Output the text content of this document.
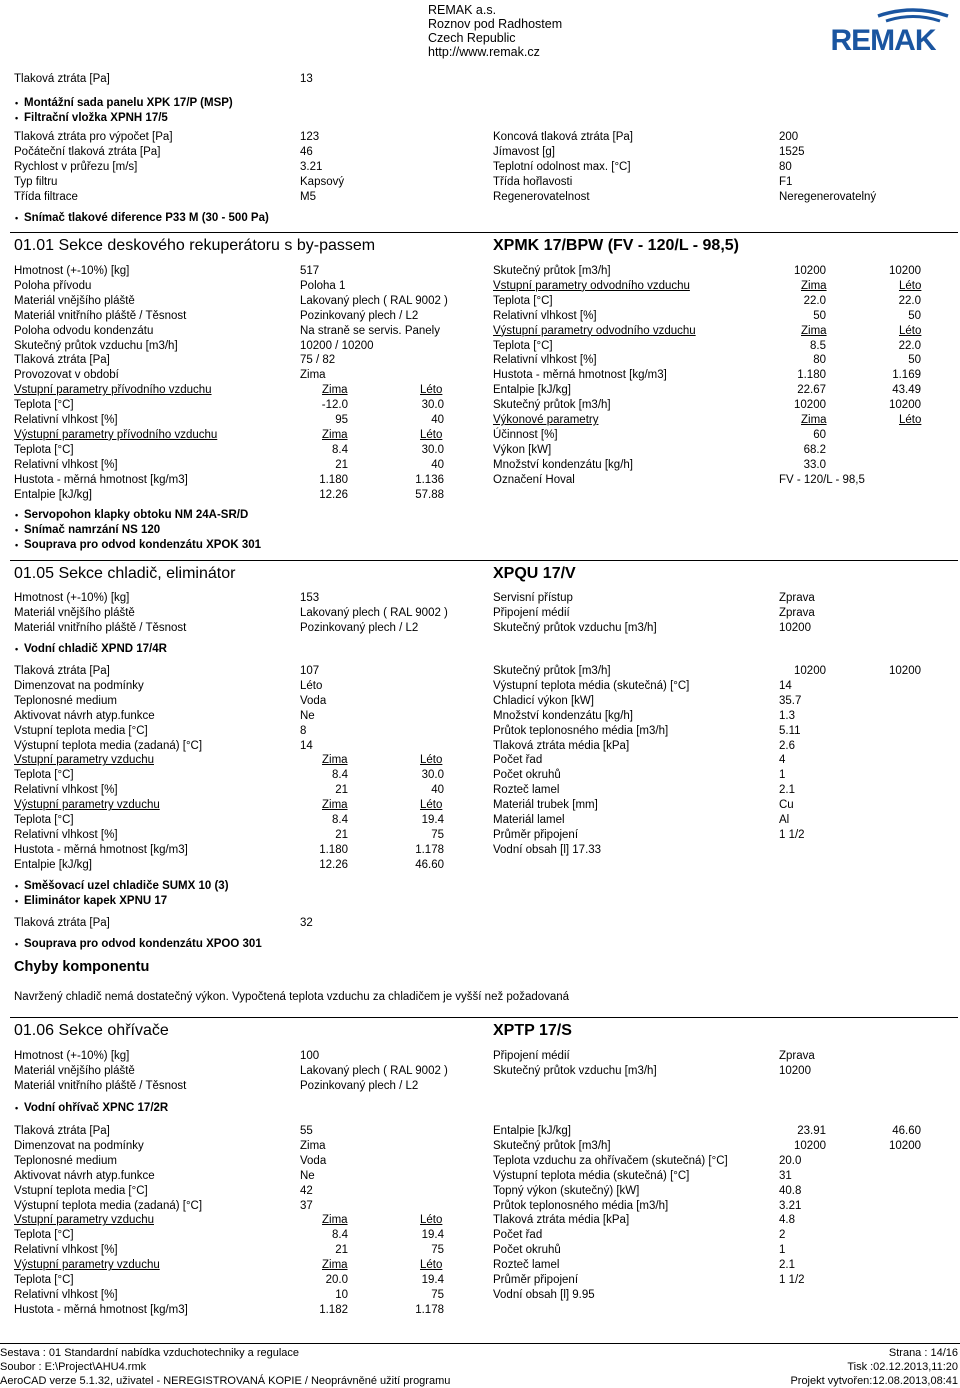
REMAK a.s.
Roznov pod Radhostem
Czech Republic
http://www.remak.cz	REMAK
Tlaková ztráta [Pa]	13
• Montážní sada panelu XPK 17/P (MSP)
• Filtrační vložka XPNH 17/5
Tlaková ztráta pro výpočet [Pa]	123	Koncová tlaková ztráta [Pa]	200
Počáteční tlaková ztráta [Pa]	46	Jímavost [g]	1525
Rychlost v průřezu [m/s]	3.21	Teplotní odolnost max. [°C]	80
Typ filtru	Kapsový	Třída hořlavosti	F1
Třída filtrace	M5	Regenerovatelnost	Neregenerovatelný
• Snímač tlakové diference P33 M (30 - 500 Pa)
01.01 Sekce deskového rekuperátoru s by-passem	XPMK 17/BPW (FV - 120/L - 98,5)
Hmotnost (+-10%) [kg]	517
Poloha přívodu	Poloha 1
Materiál vnějšího pláště	Lakovaný plech ( RAL 9002 )
Materiál vnitřního pláště / Těsnost	Pozinkovaný plech / L2
Poloha odvodu kondenzátu	Na straně se servis. Panely
Skutečný průtok vzduchu [m3/h]	10200 / 10200
Tlaková ztráta [Pa]	75 / 82
Provozovat v období	Zima
Vstupní parametry přívodního vzduchu	Zima	Léto
Teplota [°C]	-12.0	30.0
Relativní vlhkost [%]	95	40
Výstupní parametry přívodního vzduchu	Zima	Léto
Teplota [°C]	8.4	30.0
Relativní vlhkost [%]	21	40
Hustota - měrná hmotnost [kg/m3]	1.180	1.136
Entalpie [kJ/kg]	12.26	57.88
Skutečný průtok [m3/h]	10200	10200
Vstupní parametry odvodního vzduchu	Zima	Léto
Teplota [°C]	22.0	22.0
Relativní vlhkost [%]	50	50
Výstupní parametry odvodního vzduchu	Zima	Léto
Teplota [°C]	8.5	22.0
Relativní vlhkost [%]	80	50
Hustota - měrná hmotnost [kg/m3]	1.180	1.169
Entalpie [kJ/kg]	22.67	43.49
Skutečný průtok [m3/h]	10200	10200
Výkonové parametry	Zima	Léto
Účinnost [%]	60
Výkon [kW]	68.2
Množství kondenzátu [kg/h]	33.0
Označení Hoval	FV - 120/L - 98,5
• Servopohon klapky obtoku NM 24A-SR/D
• Snímač namrzání NS 120
• Souprava pro odvod kondenzátu XPOK 301
01.05 Sekce chladič, eliminátor	XPQU 17/V
Hmotnost (+-10%) [kg]	153
Materiál vnějšího pláště	Lakovaný plech ( RAL 9002 )
Materiál vnitřního pláště / Těsnost	Pozinkovaný plech / L2
Servisní přístup	Zprava
Připojení médií	Zprava
Skutečný průtok vzduchu [m3/h]	10200
• Vodní chladič XPND 17/4R
Tlaková ztráta [Pa]	107
Dimenzovat na podmínky	Léto
Teplonosné medium	Voda
Aktivovat návrh atyp.funkce	Ne
Vstupní teplota media [°C]	8
Výstupní teplota media (zadaná) [°C]	14
Vstupní parametry vzduchu	Zima	Léto
Teplota [°C]	8.4	30.0
Relativní vlhkost [%]	21	40
Výstupní parametry vzduchu	Zima	Léto
Teplota [°C]	8.4	19.4
Relativní vlhkost [%]	21	75
Hustota - měrná hmotnost [kg/m3]	1.180	1.178
Entalpie [kJ/kg]	12.26	46.60
Skutečný průtok [m3/h]	10200	10200
Výstupní teplota média (skutečná) [°C]	14
Chladicí výkon [kW]	35.7
Množství kondenzátu [kg/h]	1.3
Průtok teplonosného média [m3/h]	5.11
Tlaková ztráta média [kPa]	2.6
Počet řad	4
Počet okruhů	1
Rozteč lamel	2.1
Materiál trubek [mm]	Cu
Materiál lamel	Al
Průměr připojení	1 1/2
Vodní obsah [l] 17.33
• Směšovací uzel chladiče SUMX 10 (3)
• Eliminátor kapek XPNU 17
Tlaková ztráta [Pa]	32
• Souprava pro odvod kondenzátu XPOO 301
Chyby komponentu
Navržený chladič nemá dostatečný výkon. Vypočtená teplota vzduchu za chladičem je vyšší než požadovaná
01.06 Sekce ohřívače	XPTP 17/S
Hmotnost (+-10%) [kg]	100
Materiál vnějšího pláště	Lakovaný plech ( RAL 9002 )
Materiál vnitřního pláště / Těsnost	Pozinkovaný plech / L2
Připojení médií	Zprava
Skutečný průtok vzduchu [m3/h]	10200
• Vodní ohřívač XPNC 17/2R
Tlaková ztráta [Pa]	55
Dimenzovat na podmínky	Zima
Teplonosné medium	Voda
Aktivovat návrh atyp.funkce	Ne
Vstupní teplota media [°C]	42
Výstupní teplota media (zadaná) [°C]	37
Vstupní parametry vzduchu	Zima	Léto
Teplota [°C]	8.4	19.4
Relativní vlhkost [%]	21	75
Výstupní parametry vzduchu	Zima	Léto
Teplota [°C]	20.0	19.4
Relativní vlhkost [%]	10	75
Hustota - měrná hmotnost [kg/m3]	1.182	1.178
Entalpie [kJ/kg]	23.91	46.60
Skutečný průtok [m3/h]	10200	10200
Teplota vzduchu za ohřívačem (skutečná) [°C]	20.0
Výstupní teplota média (skutečná) [°C]	31
Topný výkon (skutečný) [kW]	40.8
Průtok teplonosného média [m3/h]	3.21
Tlaková ztráta média [kPa]	4.8
Počet řad	2
Počet okruhů	1
Rozteč lamel	2.1
Průměr připojení	1 1/2
Vodní obsah [l] 9.95
Sestava : 01 Standardní nabídka vzduchotechniky a regulace
Soubor : E:\Project\AHU4.rmk
AeroCAD verze 5.1.32, uživatel - NEREGISTROVANÁ KOPIE / Neoprávněné užití programu
Strana : 14/16
Tisk :02.12.2013,11:20
Projekt vytvořen:12.08.2013,08:41
